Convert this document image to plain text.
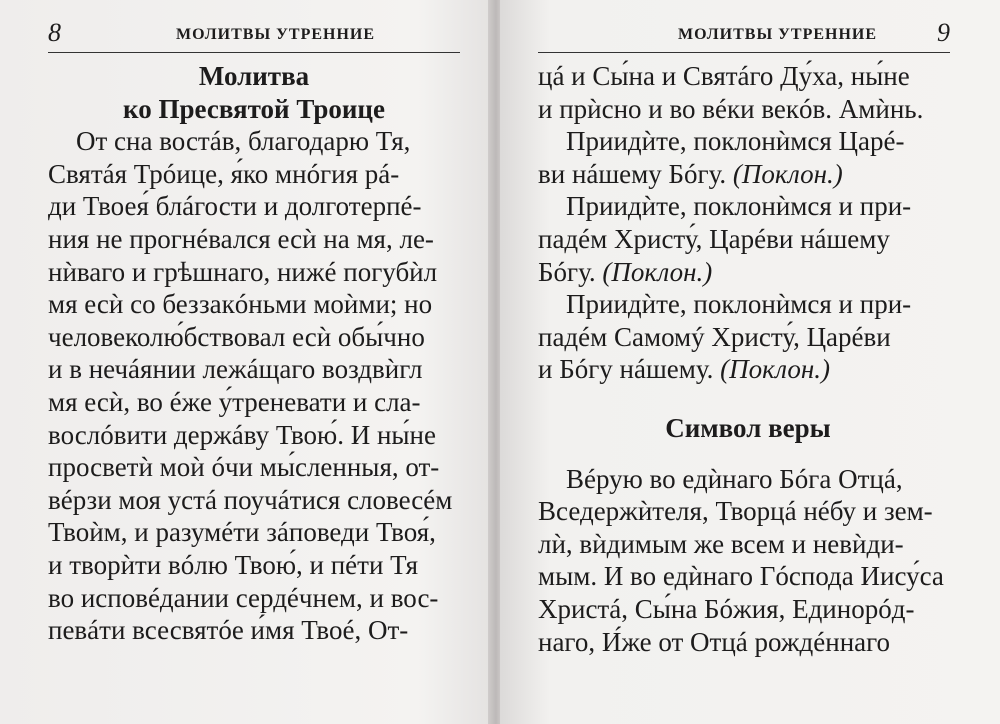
8	МОЛИТВЫ УТРЕННИЕ
Молитва
ко Пресвятой Троице
От сна востáв, благодарю Тя,
Святáя Трóице, я́ко мнóгия рá-
ди Твоея́ блáгости и долготерпé-
ния не прогнéвался есѝ на мя, ле-
нѝваго и грѣшнаго, нижé погубѝл
мя есѝ со беззакóньми моѝми; но
человеколю́бствовал есѝ обы́чно
и в нечáянии лежáщаго воздвѝгл
мя есѝ, во éже у́треневати и сла-
вослóвити держáву Твою́. И ны́не
просветѝ моѝ óчи мы́сленныя, от-
вéрзи моя устá поучáтися словесéм
Твоѝм, и разумéти зáповеди Твоя́,
и творѝти вóлю Твою́, и пéти Тя
во исповéдании сердéчнем, и вос-
певáти всесвятóе и́мя Твоé, От-
МОЛИТВЫ УТРЕННИЕ 9
цá и Сы́на и Святáго Ду́ха, ны́не
и прѝсно и во вéки векóв. Амѝнь.
Приидѝте, поклонѝмся Царé-
ви нáшему Бóгу. (Поклон.)
Приидѝте, поклонѝмся и при-
падéм Христу́, Царéви нáшему
Бóгу. (Поклон.)
Приидѝте, поклонѝмся и при-
падéм Самомý Христу́, Царéви
и Бóгу нáшему. (Поклон.)
Символ веры
Вéрую во едѝнаго Бóга Отцá,
Вседержѝтеля, Творцá нéбу и зем-
лѝ, вѝдимым же всем и невѝди-
мым. И во едѝнаго Гóспода Иису́са
Христá, Сы́на Бóжия, Единорóд-
наго, И́же от Отцá рождéннаго
